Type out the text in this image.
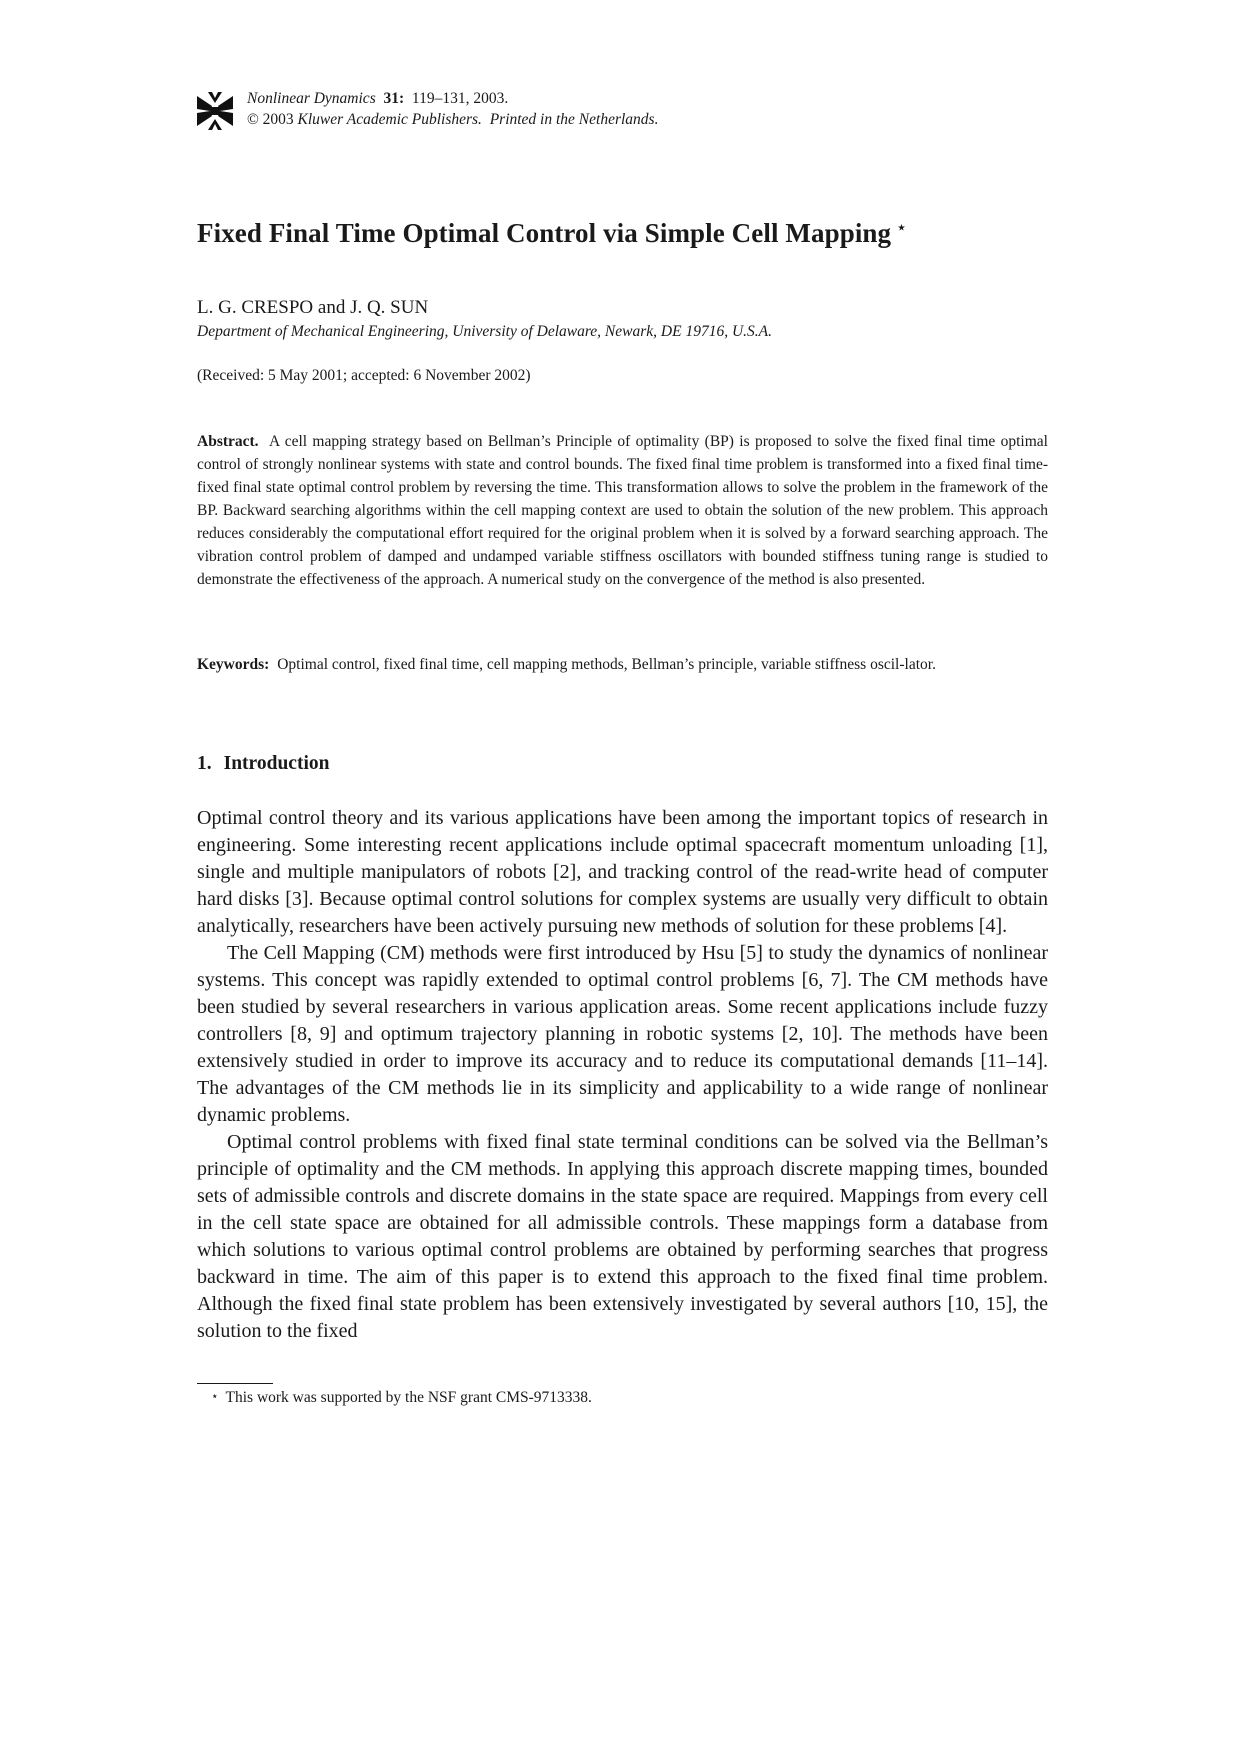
Nonlinear Dynamics 31: 119–131, 2003.
© 2003 Kluwer Academic Publishers. Printed in the Netherlands.
Fixed Final Time Optimal Control via Simple Cell Mapping ⋆
L. G. CRESPO and J. Q. SUN
Department of Mechanical Engineering, University of Delaware, Newark, DE 19716, U.S.A.
(Received: 5 May 2001; accepted: 6 November 2002)
Abstract. A cell mapping strategy based on Bellman’s Principle of optimality (BP) is proposed to solve the fixed final time optimal control of strongly nonlinear systems with state and control bounds. The fixed final time problem is transformed into a fixed final time-fixed final state optimal control problem by reversing the time. This transformation allows to solve the problem in the framework of the BP. Backward searching algorithms within the cell mapping context are used to obtain the solution of the new problem. This approach reduces considerably the computational effort required for the original problem when it is solved by a forward searching approach. The vibration control problem of damped and undamped variable stiffness oscillators with bounded stiffness tuning range is studied to demonstrate the effectiveness of the approach. A numerical study on the convergence of the method is also presented.
Keywords: Optimal control, fixed final time, cell mapping methods, Bellman’s principle, variable stiffness oscil-lator.
1. Introduction

Optimal control theory and its various applications have been among the important topics of research in engineering. Some interesting recent applications include optimal spacecraft momentum unloading [1], single and multiple manipulators of robots [2], and tracking control of the read-write head of computer hard disks [3]. Because optimal control solutions for complex systems are usually very difficult to obtain analytically, researchers have been actively pursuing new methods of solution for these problems [4].

The Cell Mapping (CM) methods were first introduced by Hsu [5] to study the dynamics of nonlinear systems. This concept was rapidly extended to optimal control problems [6, 7]. The CM methods have been studied by several researchers in various application areas. Some recent applications include fuzzy controllers [8, 9] and optimum trajectory planning in robotic systems [2, 10]. The methods have been extensively studied in order to improve its accuracy and to reduce its computational demands [11–14]. The advantages of the CM methods lie in its simplicity and applicability to a wide range of nonlinear dynamic problems.

Optimal control problems with fixed final state terminal conditions can be solved via the Bellman’s principle of optimality and the CM methods. In applying this approach discrete mapping times, bounded sets of admissible controls and discrete domains in the state space are required. Mappings from every cell in the cell state space are obtained for all admissible controls. These mappings form a database from which solutions to various optimal control problems are obtained by performing searches that progress backward in time. The aim of this paper is to extend this approach to the fixed final time problem. Although the fixed final state problem has been extensively investigated by several authors [10, 15], the solution to the fixed

⋆ This work was supported by the NSF grant CMS-9713338.
